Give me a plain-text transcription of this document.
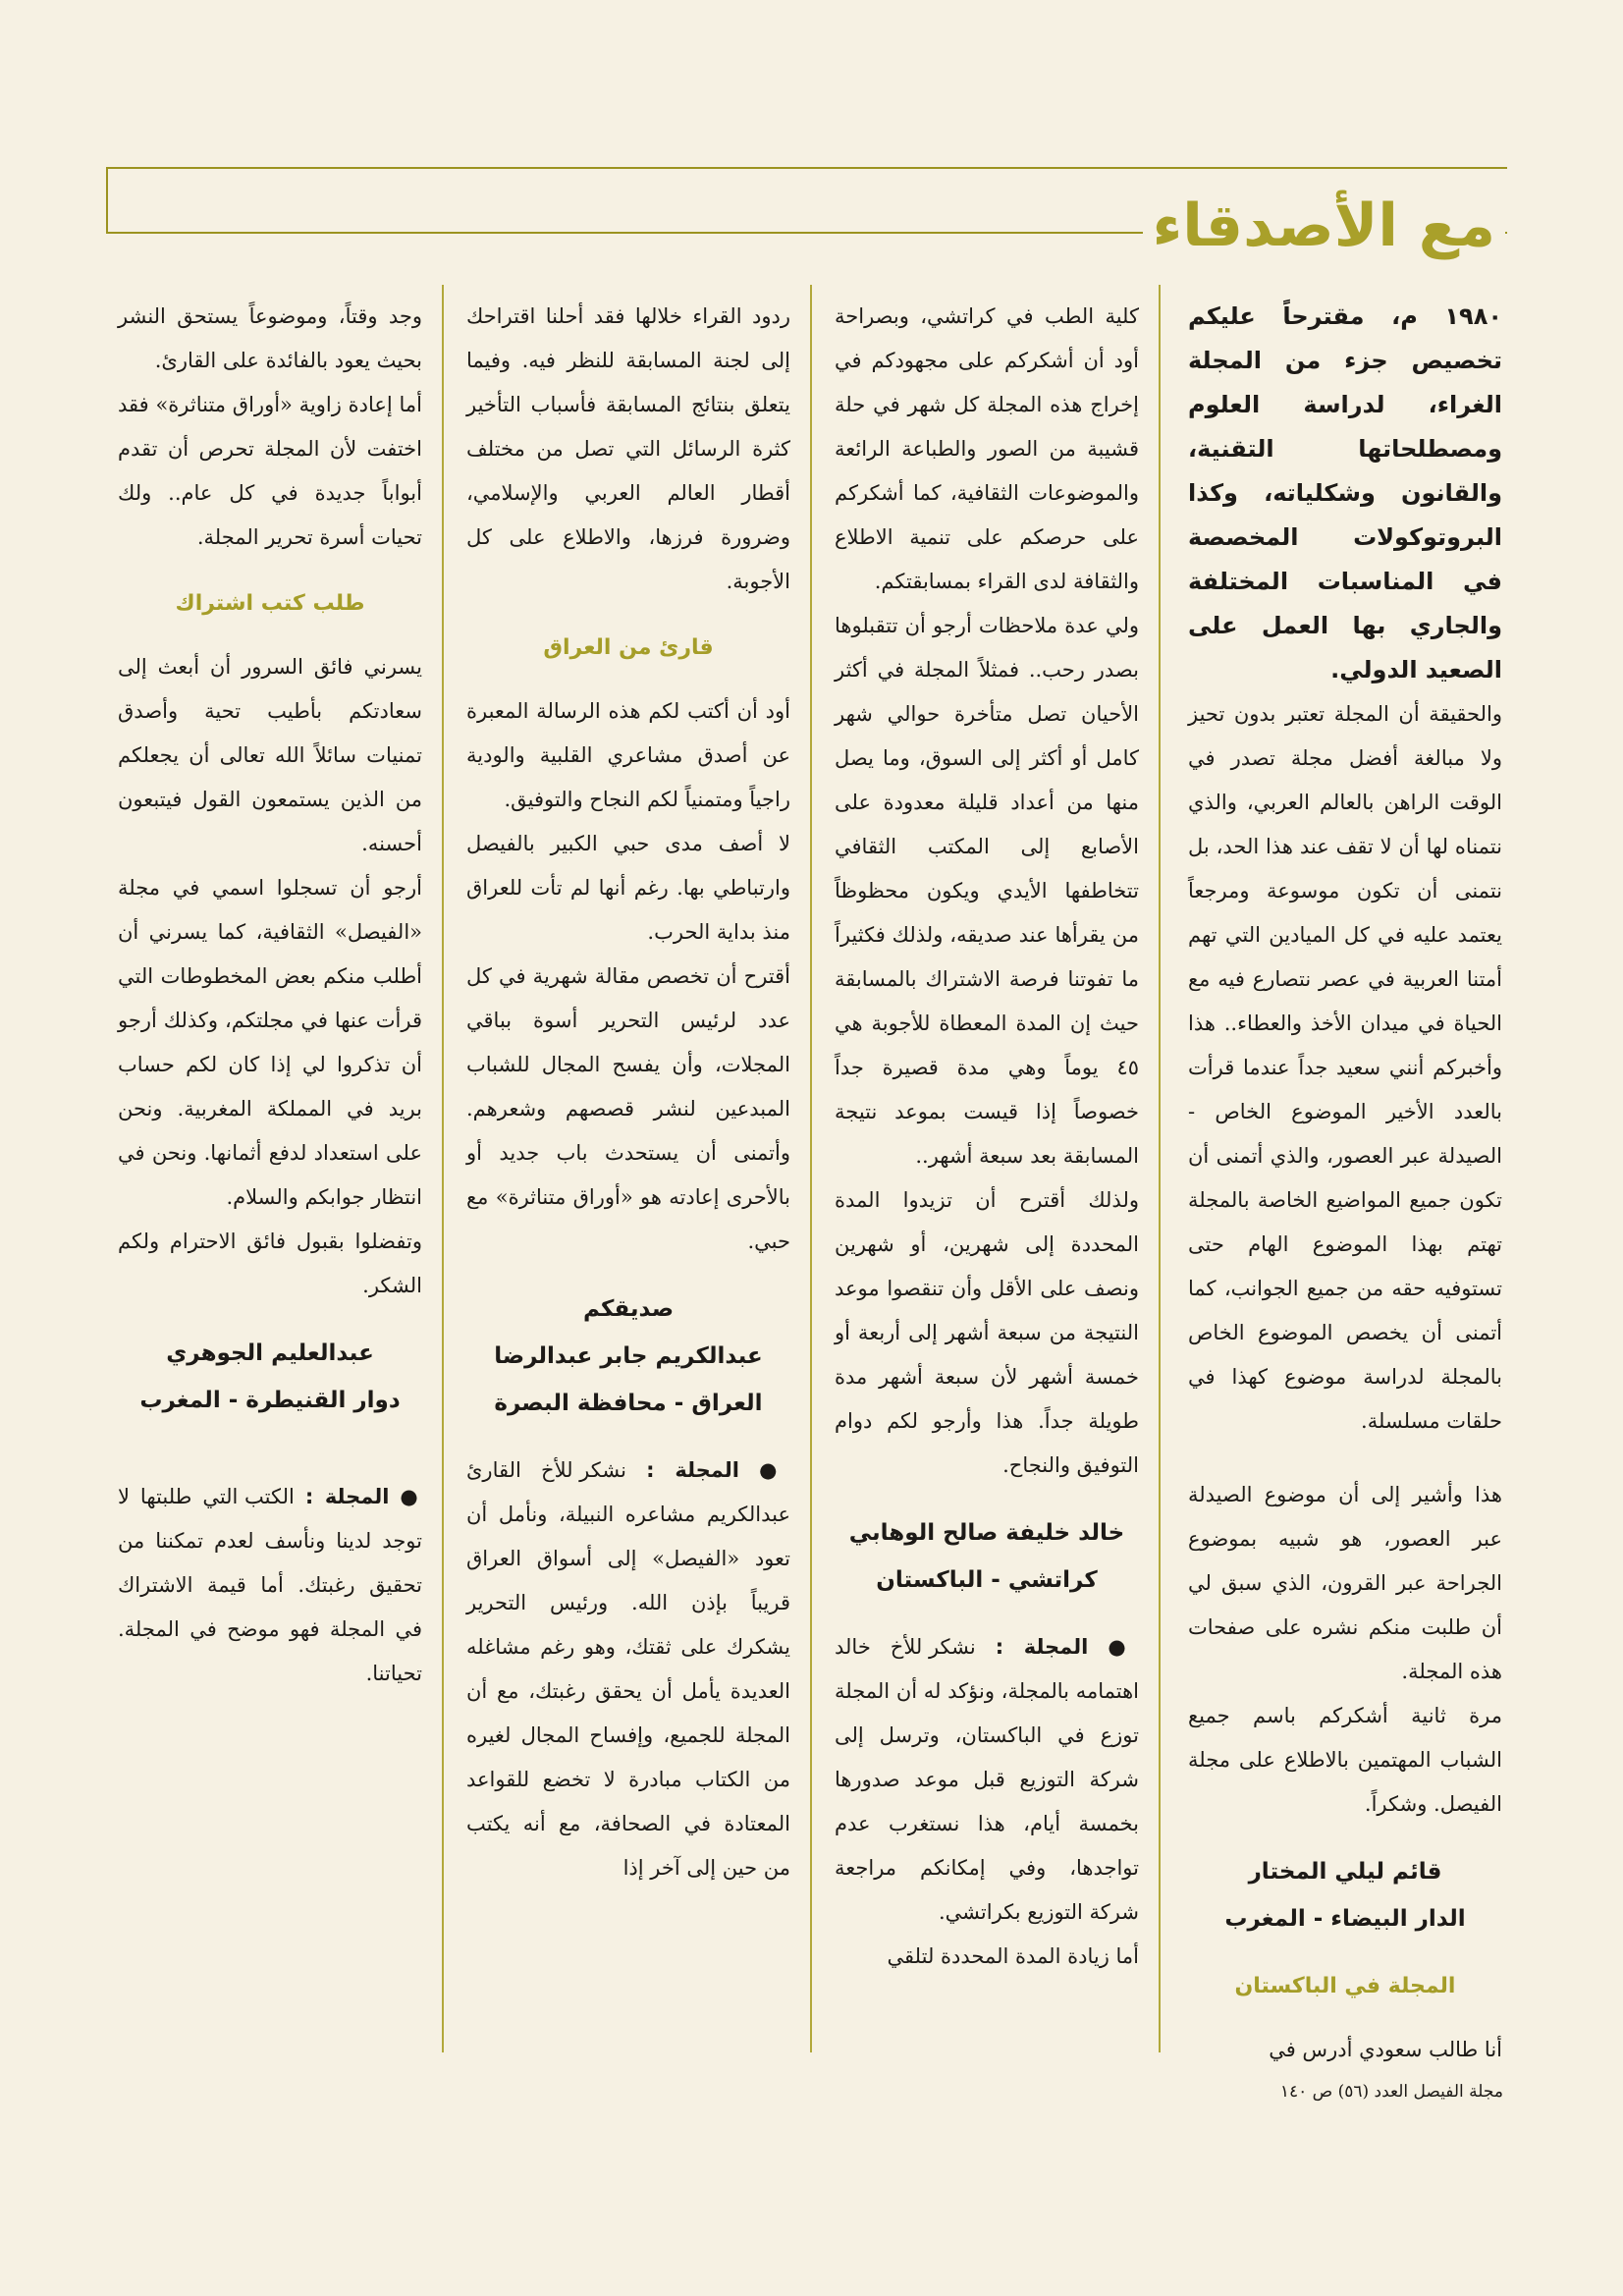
مع الأصدقاء

١٩٨٠ م، مقترحاً عليكم تخصيص جزء من المجلة الغراء، لدراسة العلوم ومصطلحاتها التقنية، والقانون وشكلياته، وكذا البروتوكولات المخصصة في المناسبات المختلفة والجاري بها العمل على الصعيد الدولي.

والحقيقة أن المجلة تعتبر بدون تحيز ولا مبالغة أفضل مجلة تصدر في الوقت الراهن بالعالم العربي، والذي نتمناه لها أن لا تقف عند هذا الحد، بل نتمنى أن تكون موسوعة ومرجعاً يعتمد عليه في كل الميادين التي تهم أمتنا العربية في عصر نتصارع فيه مع الحياة في ميدان الأخذ والعطاء.. هذا وأخبركم أنني سعيد جداً عندما قرأت بالعدد الأخير الموضوع الخاص - الصيدلة عبر العصور، والذي أتمنى أن تكون جميع المواضيع الخاصة بالمجلة تهتم بهذا الموضوع الهام حتى تستوفيه حقه من جميع الجوانب، كما أتمنى أن يخصص الموضوع الخاص بالمجلة لدراسة موضوع كهذا في حلقات مسلسلة.

هذا وأشير إلى أن موضوع الصيدلة عبر العصور، هو شبيه بموضوع الجراحة عبر القرون، الذي سبق لي أن طلبت منكم نشره على صفحات هذه المجلة.

مرة ثانية أشكركم باسم جميع الشباب المهتمين بالاطلاع على مجلة الفيصل. وشكراً.

قائم ليلي المختار
الدار البيضاء - المغرب
المجلة في الباكستان

أنا طالب سعودي أدرس في

كلية الطب في كراتشي، وبصراحة أود أن أشكركم على مجهودكم في إخراج هذه المجلة كل شهر في حلة قشيبة من الصور والطباعة الرائعة والموضوعات الثقافية، كما أشكركم على حرصكم على تنمية الاطلاع والثقافة لدى القراء بمسابقتكم.

ولي عدة ملاحظات أرجو أن تتقبلوها بصدر رحب.. فمثلاً المجلة في أكثر الأحيان تصل متأخرة حوالي شهر كامل أو أكثر إلى السوق، وما يصل منها من أعداد قليلة معدودة على الأصابع إلى المكتب الثقافي تتخاطفها الأيدي ويكون محظوظاً من يقرأها عند صديقه، ولذلك فكثيراً ما تفوتنا فرصة الاشتراك بالمسابقة حيث إن المدة المعطاة للأجوبة هي ٤٥ يوماً وهي مدة قصيرة جداً خصوصاً إذا قيست بموعد نتيجة المسابقة بعد سبعة أشهر..

ولذلك أقترح أن تزيدوا المدة المحددة إلى شهرين، أو شهرين ونصف على الأقل وأن تنقصوا موعد النتيجة من سبعة أشهر إلى أربعة أو خمسة أشهر لأن سبعة أشهر مدة طويلة جداً. هذا وأرجو لكم دوام التوفيق والنجاح.

خالد خليفة صالح الوهابي
كراتشي - الباكستان

● المجلة : نشكر للأخ خالد اهتمامه بالمجلة، ونؤكد له أن المجلة توزع في الباكستان، وترسل إلى شركة التوزيع قبل موعد صدورها بخمسة أيام، هذا نستغرب عدم تواجدها، وفي إمكانكم مراجعة شركة التوزيع بكراتشي.

أما زيادة المدة المحددة لتلقي

ردود القراء خلالها فقد أحلنا اقتراحك إلى لجنة المسابقة للنظر فيه. وفيما يتعلق بنتائج المسابقة فأسباب التأخير كثرة الرسائل التي تصل من مختلف أقطار العالم العربي والإسلامي، وضرورة فرزها، والاطلاع على كل الأجوبة.

قارئ من العراق

أود أن أكتب لكم هذه الرسالة المعبرة عن أصدق مشاعري القلبية والودية راجياً ومتمنياً لكم النجاح والتوفيق.

لا أصف مدى حبي الكبير بالفيصل وارتباطي بها. رغم أنها لم تأت للعراق منذ بداية الحرب.

أقترح أن تخصص مقالة شهرية في كل عدد لرئيس التحرير أسوة بباقي المجلات، وأن يفسح المجال للشباب المبدعين لنشر قصصهم وشعرهم. وأتمنى أن يستحدث باب جديد أو بالأحرى إعادته هو «أوراق متناثرة» مع حبي.

صديقكم
عبدالكريم جابر عبدالرضا
العراق - محافظة البصرة

● المجلة : نشكر للأخ القارئ عبدالكريم مشاعره النبيلة، ونأمل أن تعود «الفيصل» إلى أسواق العراق قريباً بإذن الله. ورئيس التحرير يشكرك على ثقتك، وهو رغم مشاغله العديدة يأمل أن يحقق رغبتك، مع أن المجلة للجميع، وإفساح المجال لغيره من الكتاب مبادرة لا تخضع للقواعد المعتادة في الصحافة، مع أنه يكتب من حين إلى آخر إذا

وجد وقتاً، وموضوعاً يستحق النشر بحيث يعود بالفائدة على القارئ.

أما إعادة زاوية «أوراق متناثرة» فقد اختفت لأن المجلة تحرص أن تقدم أبواباً جديدة في كل عام.. ولك تحيات أسرة تحرير المجلة.

طلب كتب اشتراك

يسرني فائق السرور أن أبعث إلى سعادتكم بأطيب تحية وأصدق تمنيات سائلاً الله تعالى أن يجعلكم من الذين يستمعون القول فيتبعون أحسنه.

أرجو أن تسجلوا اسمي في مجلة «الفيصل» الثقافية، كما يسرني أن أطلب منكم بعض المخطوطات التي قرأت عنها في مجلتكم، وكذلك أرجو أن تذكروا لي إذا كان لكم حساب بريد في المملكة المغربية. ونحن على استعداد لدفع أثمانها. ونحن في انتظار جوابكم والسلام.

وتفضلوا بقبول فائق الاحترام ولكم الشكر.

عبدالعليم الجوهري
دوار القنيطرة - المغرب

● المجلة : الكتب التي طلبتها لا توجد لدينا ونأسف لعدم تمكننا من تحقيق رغبتك. أما قيمة الاشتراك في المجلة فهو موضح في المجلة. تحياتنا.

مجلة الفيصل العدد (٥٦) ص ١٤٠
